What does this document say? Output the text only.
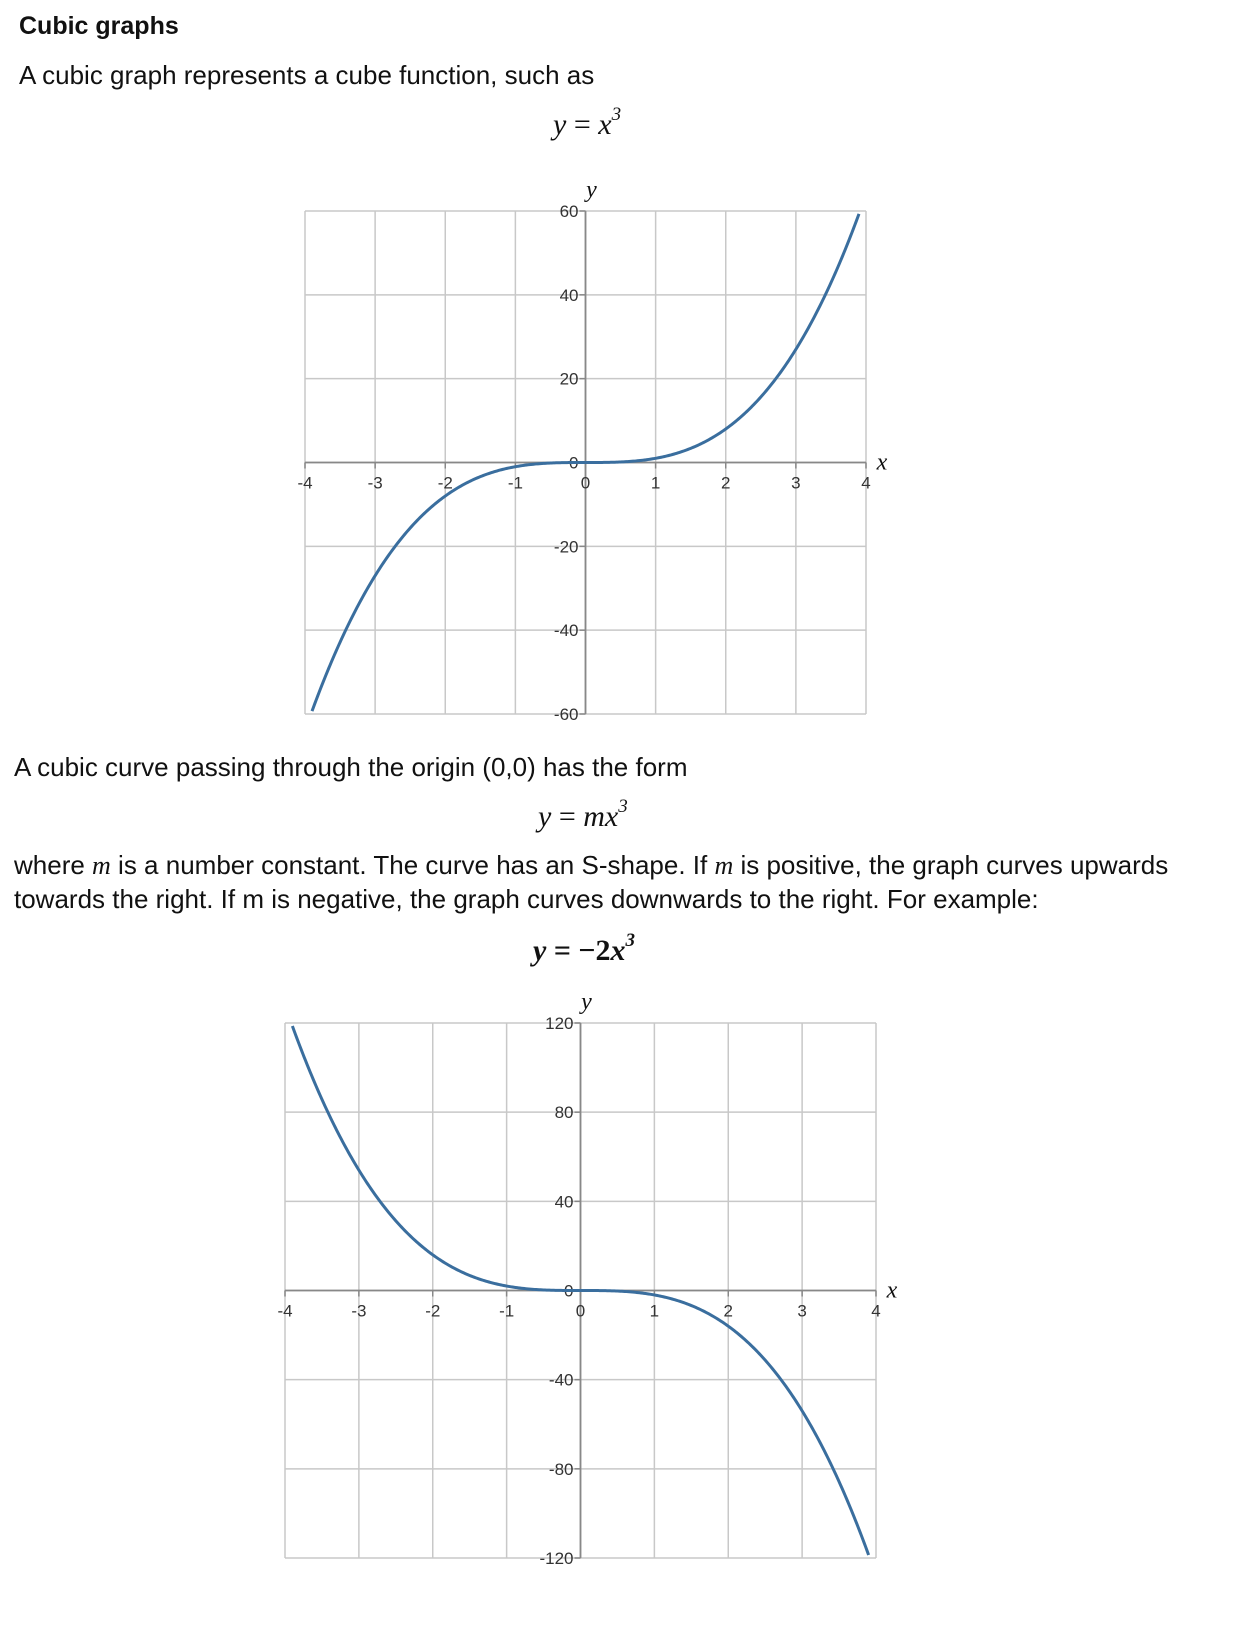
Cubic graphs
A cubic graph represents a cube function, such as
$y = x^3$
60
40
20
0
-20
-40
-60
-4	-3	-2	-1	0	1	2	3	4
y
x
A cubic curve passing through the origin (0,0) has the form
$y = mx^3$
where m is a number constant. The curve has an S-shape. If m is positive, the graph curves upwards
towards the right. If m is negative, the graph curves downwards to the right. For example:
$y = -2x^3$
120
80
40
0
-40
-80
-120
-4	-3	-2	-1	0	1	2	3	4
y
x
